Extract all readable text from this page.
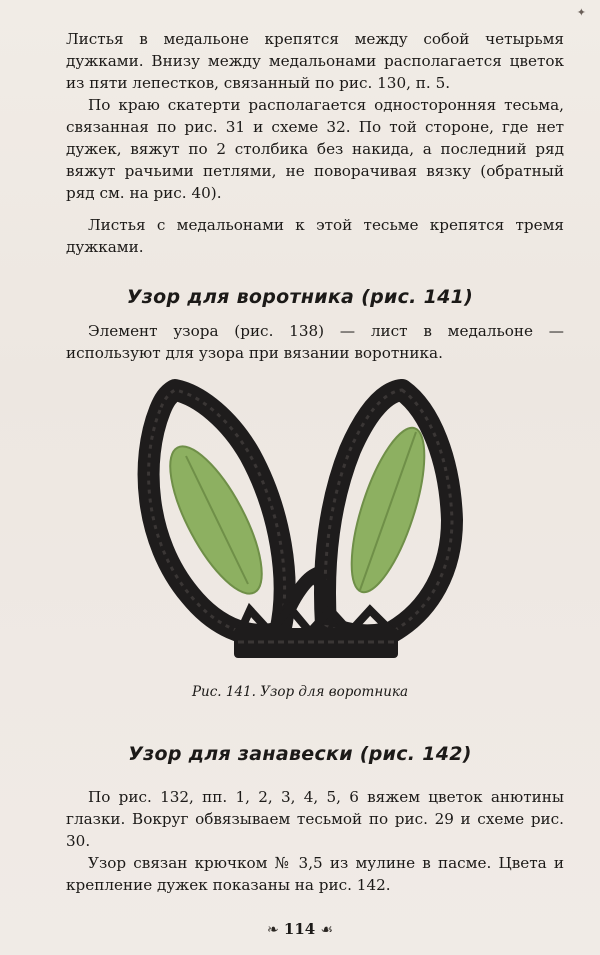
✦

Листья в медальоне крепятся между собой четырьмя дужками. Внизу между медальонами располагается цветок из пяти лепестков, связанный по рис. 130, п. 5.

По краю скатерти располагается односторонняя тесьма, связанная по рис. 31 и схеме 32. По той стороне, где нет дужек, вяжут по 2 столбика без накида, а последний ряд вяжут рачьими петлями, не поворачивая вязку (обратный ряд см. на рис. 40).

Листья с медальонами к этой тесьме крепятся тремя дужками.

Узор для воротника (рис. 141)

Элемент узора (рис. 138) — лист в медальоне — используют для узора при вязании воротника.

Рис. 141. Узор для воротника

Узор для занавески (рис. 142)

По рис. 132, пп. 1, 2, 3, 4, 5, 6 вяжем цветок анютины глазки. Вокруг обвязываем тесьмой по рис. 29 и схеме рис. 30.

Узор связан крючком № 3,5 из мулине в пасме. Цвета и крепление дужек показаны на рис. 142.

❧ 114 ☙
